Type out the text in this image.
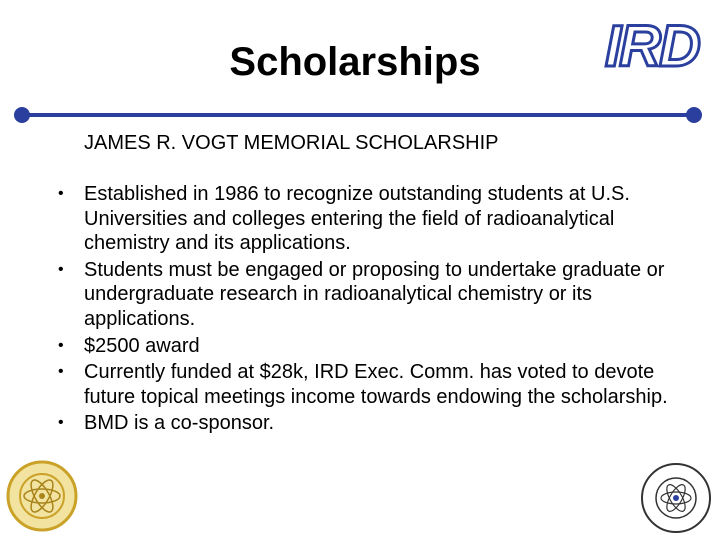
Scholarships	IRD
JAMES R. VOGT MEMORIAL SCHOLARSHIP
• Established in 1986 to recognize outstanding students at U.S. Universities and colleges entering the field of radioanalytical chemistry and its applications.
• Students must be engaged or proposing to undertake graduate or undergraduate research in radioanalytical chemistry or its applications.
• $2500 award
• Currently funded at $28k, IRD Exec. Comm. has voted to devote future topical meetings income towards endowing the scholarship.
• BMD is a co-sponsor.
